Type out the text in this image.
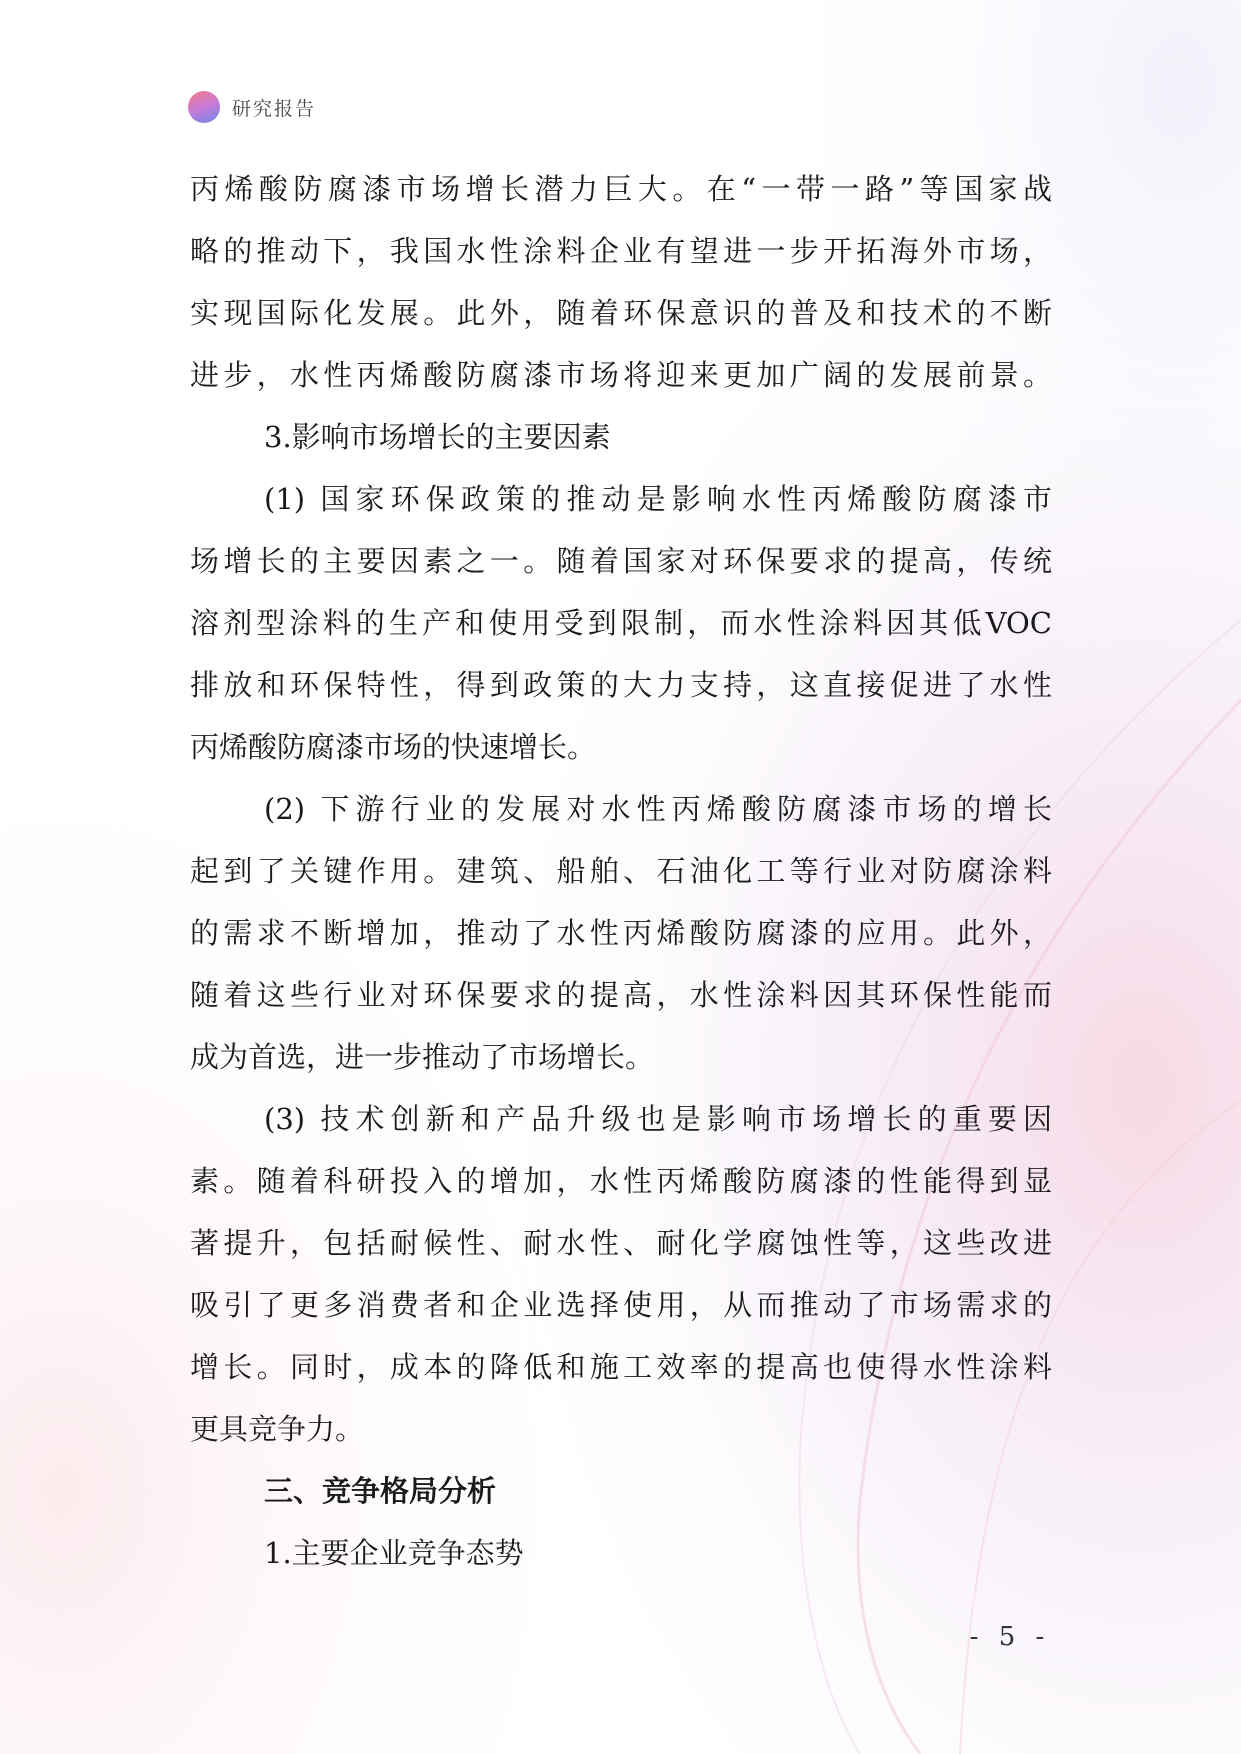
研究报告
丙烯酸防腐漆市场增长潜力巨大。在“一带一路”等国家战
略的推动下，我国水性涂料企业有望进一步开拓海外市场，
实现国际化发展。此外，随着环保意识的普及和技术的不断
进步，水性丙烯酸防腐漆市场将迎来更加广阔的发展前景。
3.影响市场增长的主要因素
(1) 国家环保政策的推动是影响水性丙烯酸防腐漆市
场增长的主要因素之一。随着国家对环保要求的提高，传统
溶剂型涂料的生产和使用受到限制，而水性涂料因其低VOC
排放和环保特性，得到政策的大力支持，这直接促进了水性
丙烯酸防腐漆市场的快速增长。
(2) 下游行业的发展对水性丙烯酸防腐漆市场的增长
起到了关键作用。建筑、船舶、石油化工等行业对防腐涂料
的需求不断增加，推动了水性丙烯酸防腐漆的应用。此外，
随着这些行业对环保要求的提高，水性涂料因其环保性能而
成为首选，进一步推动了市场增长。
(3) 技术创新和产品升级也是影响市场增长的重要因
素。随着科研投入的增加，水性丙烯酸防腐漆的性能得到显
著提升，包括耐候性、耐水性、耐化学腐蚀性等，这些改进
吸引了更多消费者和企业选择使用，从而推动了市场需求的
增长。同时，成本的降低和施工效率的提高也使得水性涂料
更具竞争力。
三、竞争格局分析
1.主要企业竞争态势
- 5 -
